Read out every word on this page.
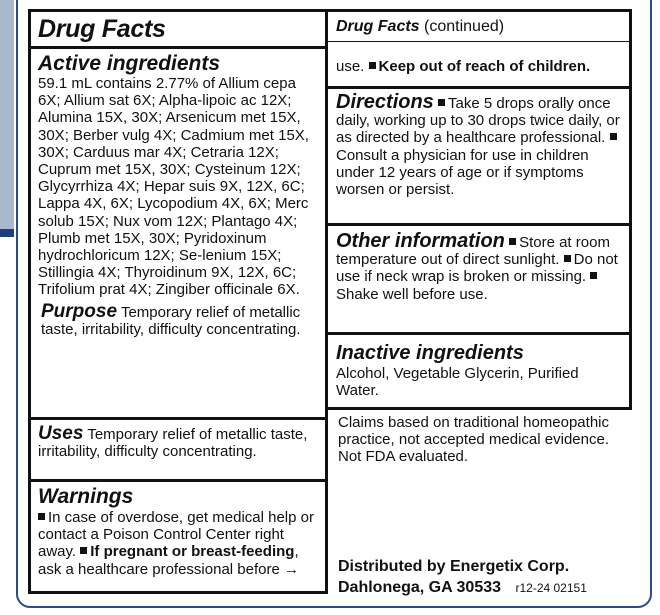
Drug Facts
Active ingredients
59.1 mL contains 2.77% of Allium cepa 6X; Allium sat 6X; Alpha-lipoic ac 12X; Alumina 15X, 30X; Arsenicum met 15X, 30X; Berber vulg 4X; Cadmium met 15X, 30X; Carduus mar 4X; Cetraria 12X; Cuprum met 15X, 30X; Cysteinum 12X; Glycyrrhiza 4X; Hepar suis 9X, 12X, 6C; Lappa 4X, 6X; Lycopodium 4X, 6X; Merc solub 15X; Nux vom 12X; Plantago 4X; Plumb met 15X, 30X; Pyridoxinum hydrochloricum 12X; Se-lenium 15X; Stillingia 4X; Thyroidinum 9X, 12X, 6C; Trifolium prat 4X; Zingiber officinale 6X.
Purpose Temporary relief of metallic taste, irritability, difficulty concentrating.
Uses Temporary relief of metallic taste, irritability, difficulty concentrating.
Warnings
In case of overdose, get medical help or contact a Poison Control Center right away. If pregnant or breast-feeding, ask a healthcare professional before →
Drug Facts (continued)
use. Keep out of reach of children.
Directions Take 5 drops orally once daily, working up to 30 drops twice daily, or as directed by a healthcare professional. Consult a physician for use in children under 12 years of age or if symptoms worsen or persist.
Other information Store at room temperature out of direct sunlight. Do not use if neck wrap is broken or missing. Shake well before use.
Inactive ingredients
Alcohol, Vegetable Glycerin, Purified Water.
Claims based on traditional homeopathic practice, not accepted medical evidence. Not FDA evaluated.
Distributed by Energetix Corp.
Dahlonega, GA 30533 r12-24 02151
